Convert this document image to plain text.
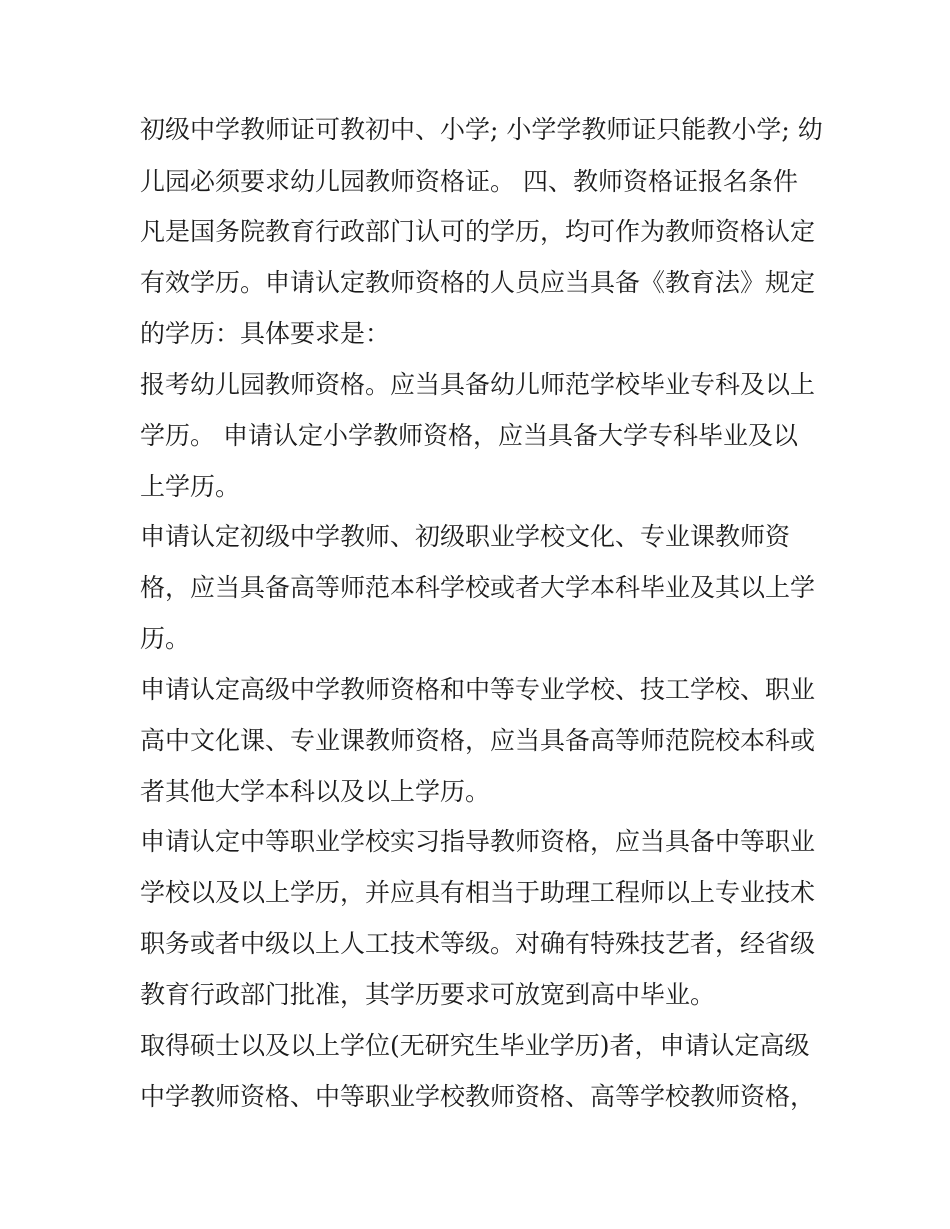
初级中学教师证可教初中、小学; 小学学教师证只能教小学; 幼
儿园必须要求幼儿园教师资格证。 四、教师资格证报名条件
凡是国务院教育行政部门认可的学历，均可作为教师资格认定
有效学历。申请认定教师资格的人员应当具备《教育法》规定
的学历：具体要求是：
报考幼儿园教师资格。应当具备幼儿师范学校毕业专科及以上
学历。 申请认定小学教师资格，应当具备大学专科毕业及以
上学历。
申请认定初级中学教师、初级职业学校文化、专业课教师资
格，应当具备高等师范本科学校或者大学本科毕业及其以上学
历。
申请认定高级中学教师资格和中等专业学校、技工学校、职业
高中文化课、专业课教师资格，应当具备高等师范院校本科或
者其他大学本科以及以上学历。
申请认定中等职业学校实习指导教师资格，应当具备中等职业
学校以及以上学历，并应具有相当于助理工程师以上专业技术
职务或者中级以上人工技术等级。对确有特殊技艺者，经省级
教育行政部门批准，其学历要求可放宽到高中毕业。
取得硕士以及以上学位(无研究生毕业学历)者，申请认定高级
中学教师资格、中等职业学校教师资格、高等学校教师资格，
